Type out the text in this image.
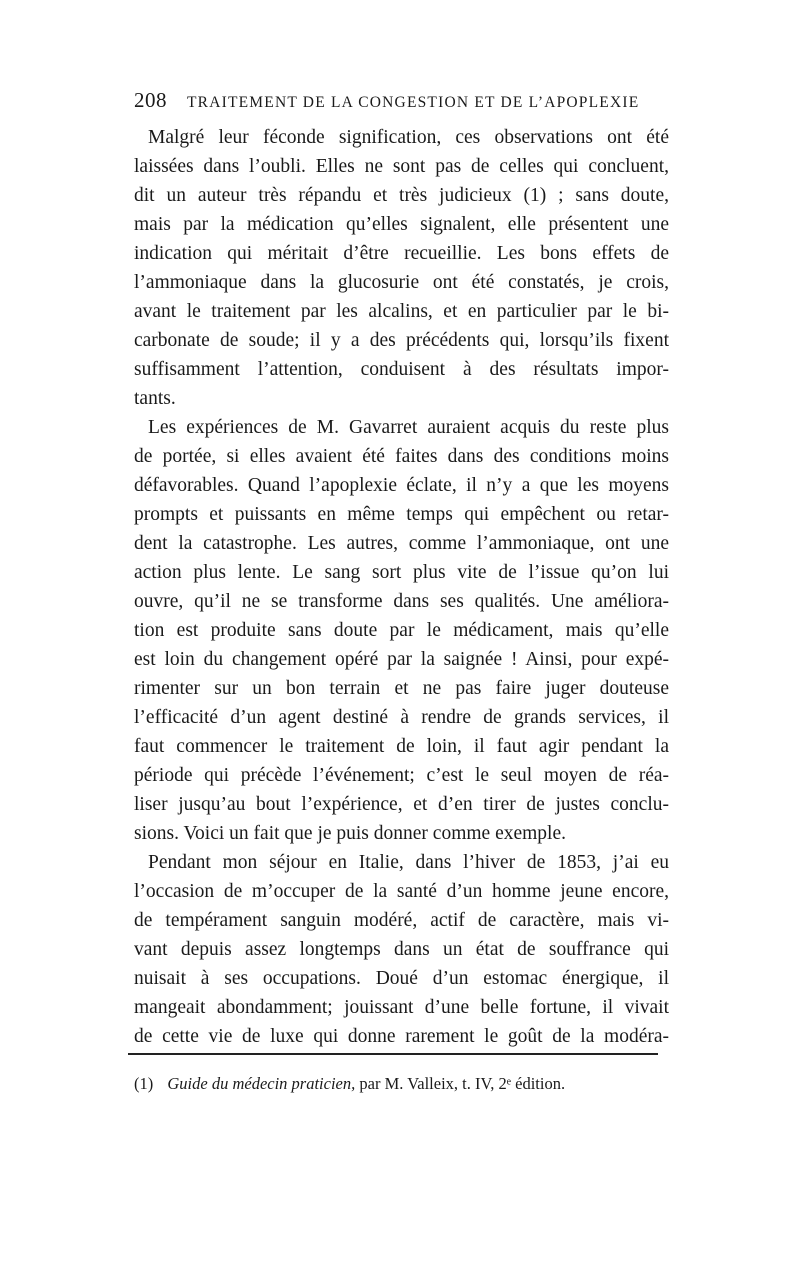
208 TRAITEMENT DE LA CONGESTION ET DE L’APOPLEXIE
Malgré leur féconde signification, ces observations ont été
laissées dans l’oubli. Elles ne sont pas de celles qui concluent,
dit un auteur très répandu et très judicieux (1) ; sans doute,
mais par la médication qu’elles signalent, elle présentent une
indication qui méritait d’être recueillie. Les bons effets de
l’ammoniaque dans la glucosurie ont été constatés, je crois,
avant le traitement par les alcalins, et en particulier par le bi-
carbonate de soude; il y a des précédents qui, lorsqu’ils fixent
suffisamment l’attention, conduisent à des résultats impor-
tants.
Les expériences de M. Gavarret auraient acquis du reste plus
de portée, si elles avaient été faites dans des conditions moins
défavorables. Quand l’apoplexie éclate, il n’y a que les moyens
prompts et puissants en même temps qui empêchent ou retar-
dent la catastrophe. Les autres, comme l’ammoniaque, ont une
action plus lente. Le sang sort plus vite de l’issue qu’on lui
ouvre, qu’il ne se transforme dans ses qualités. Une améliora-
tion est produite sans doute par le médicament, mais qu’elle
est loin du changement opéré par la saignée ! Ainsi, pour expé-
rimenter sur un bon terrain et ne pas faire juger douteuse
l’efficacité d’un agent destiné à rendre de grands services, il
faut commencer le traitement de loin, il faut agir pendant la
période qui précède l’événement; c’est le seul moyen de réa-
liser jusqu’au bout l’expérience, et d’en tirer de justes conclu-
sions. Voici un fait que je puis donner comme exemple.
Pendant mon séjour en Italie, dans l’hiver de 1853, j’ai eu
l’occasion de m’occuper de la santé d’un homme jeune encore,
de tempérament sanguin modéré, actif de caractère, mais vi-
vant depuis assez longtemps dans un état de souffrance qui
nuisait à ses occupations. Doué d’un estomac énergique, il
mangeait abondamment; jouissant d’une belle fortune, il vivait
de cette vie de luxe qui donne rarement le goût de la modéra-
(1) Guide du médecin praticien, par M. Valleix, t. IV, 2ᵉ édition.
